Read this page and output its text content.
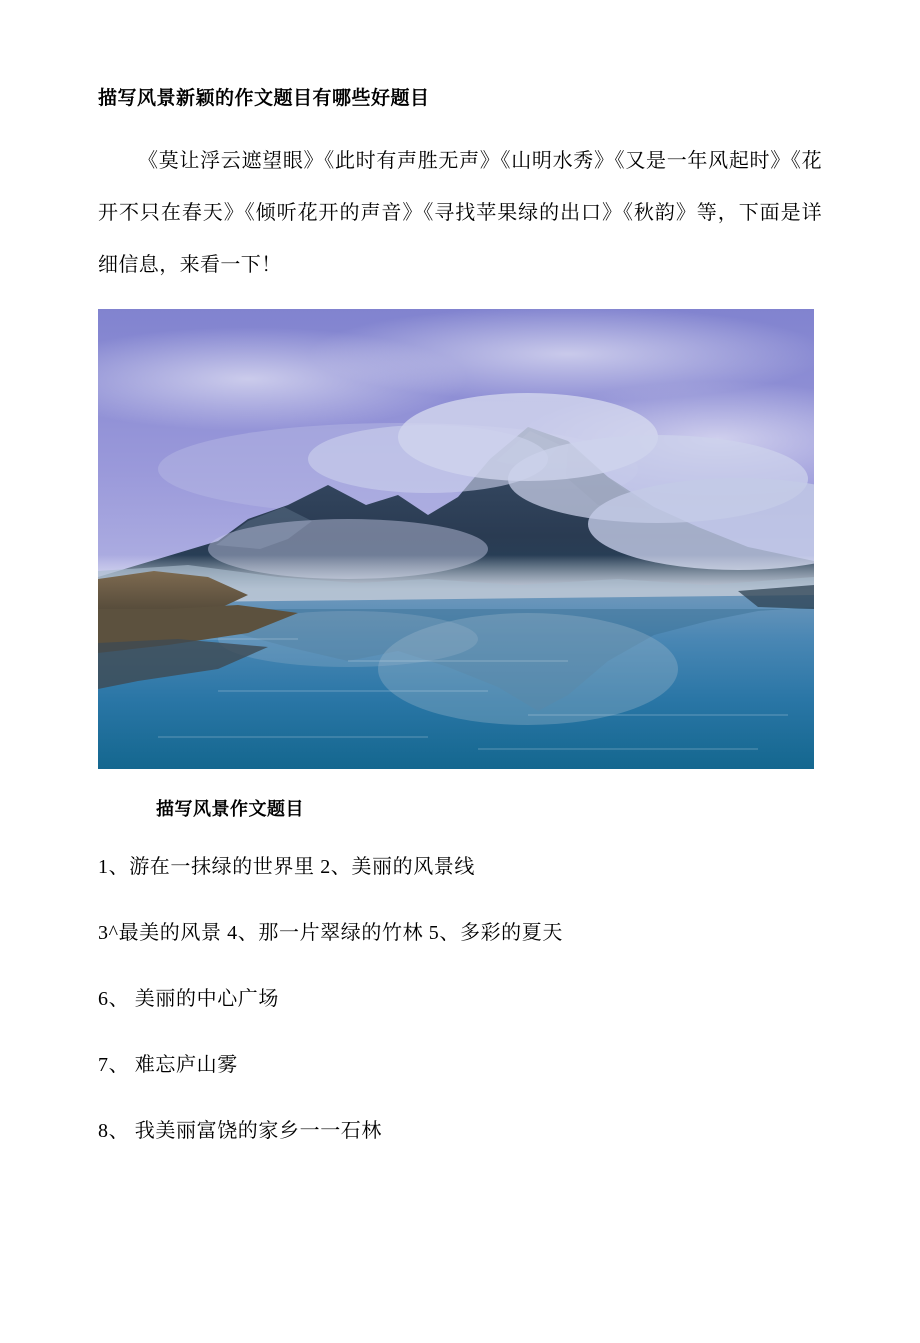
描写风景新颖的作文题目有哪些好题目

《莫让浮云遮望眼》《此时有声胜无声》《山明水秀》《又是一年风起时》《花开不只在春天》《倾听花开的声音》《寻找苹果绿的出口》《秋韵》等，下面是详细信息，来看一下！

描写风景作文题目

1、游在一抹绿的世界里 2、美丽的风景线

3^最美的风景 4、那一片翠绿的竹林 5、多彩的夏天

6、 美丽的中心广场

7、 难忘庐山雾

8、 我美丽富饶的家乡一一石林
